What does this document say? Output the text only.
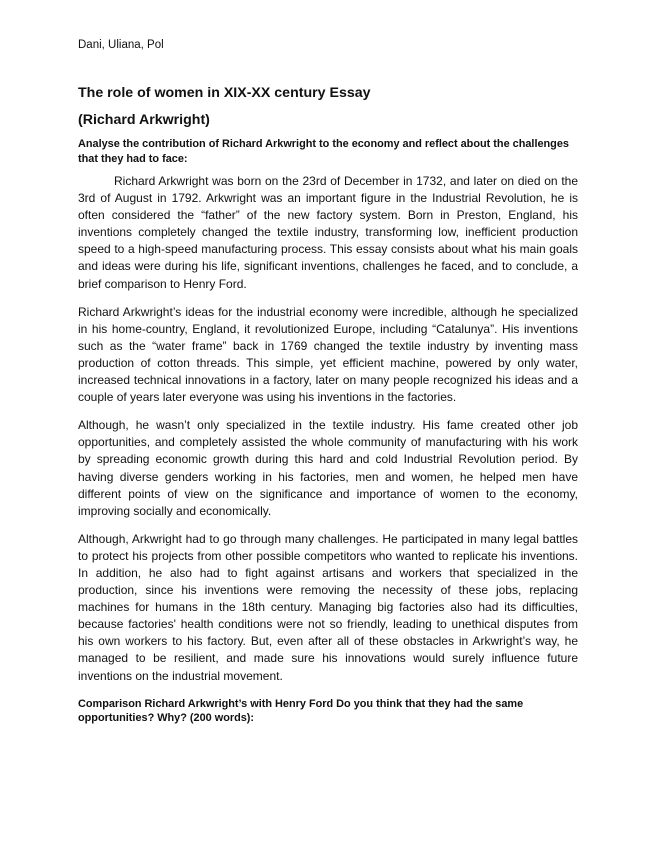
Dani, Uliana, Pol

The role of women in XIX-XX century Essay
(Richard Arkwright)

Analyse the contribution of Richard Arkwright to the economy and reflect about the challenges that they had to face:

Richard Arkwright was born on the 23rd of December in 1732, and later on died on the 3rd of August in 1792. Arkwright was an important figure in the Industrial Revolution, he is often considered the “father” of the new factory system. Born in Preston, England, his inventions completely changed the textile industry, transforming low, inefficient production speed to a high-speed manufacturing process. This essay consists about what his main goals and ideas were during his life, significant inventions, challenges he faced, and to conclude, a brief comparison to Henry Ford.

Richard Arkwright’s ideas for the industrial economy were incredible, although he specialized in his home-country, England, it revolutionized Europe, including “Catalunya”. His inventions such as the “water frame” back in 1769 changed the textile industry by inventing mass production of cotton threads. This simple, yet efficient machine, powered by only water, increased technical innovations in a factory, later on many people recognized his ideas and a couple of years later everyone was using his inventions in the factories.

Although, he wasn’t only specialized in the textile industry. His fame created other job opportunities, and completely assisted the whole community of manufacturing with his work by spreading economic growth during this hard and cold Industrial Revolution period. By having diverse genders working in his factories, men and women, he helped men have different points of view on the significance and importance of women to the economy, improving socially and economically.

Although, Arkwright had to go through many challenges. He participated in many legal battles to protect his projects from other possible competitors who wanted to replicate his inventions. In addition, he also had to fight against artisans and workers that specialized in the production, since his inventions were removing the necessity of these jobs, replacing machines for humans in the 18th century. Managing big factories also had its difficulties, because factories' health conditions were not so friendly, leading to unethical disputes from his own workers to his factory. But, even after all of these obstacles in Arkwright’s way, he managed to be resilient, and made sure his innovations would surely influence future inventions on the industrial movement.

Comparison Richard Arkwright’s with Henry Ford Do you think that they had the same opportunities? Why? (200 words):
